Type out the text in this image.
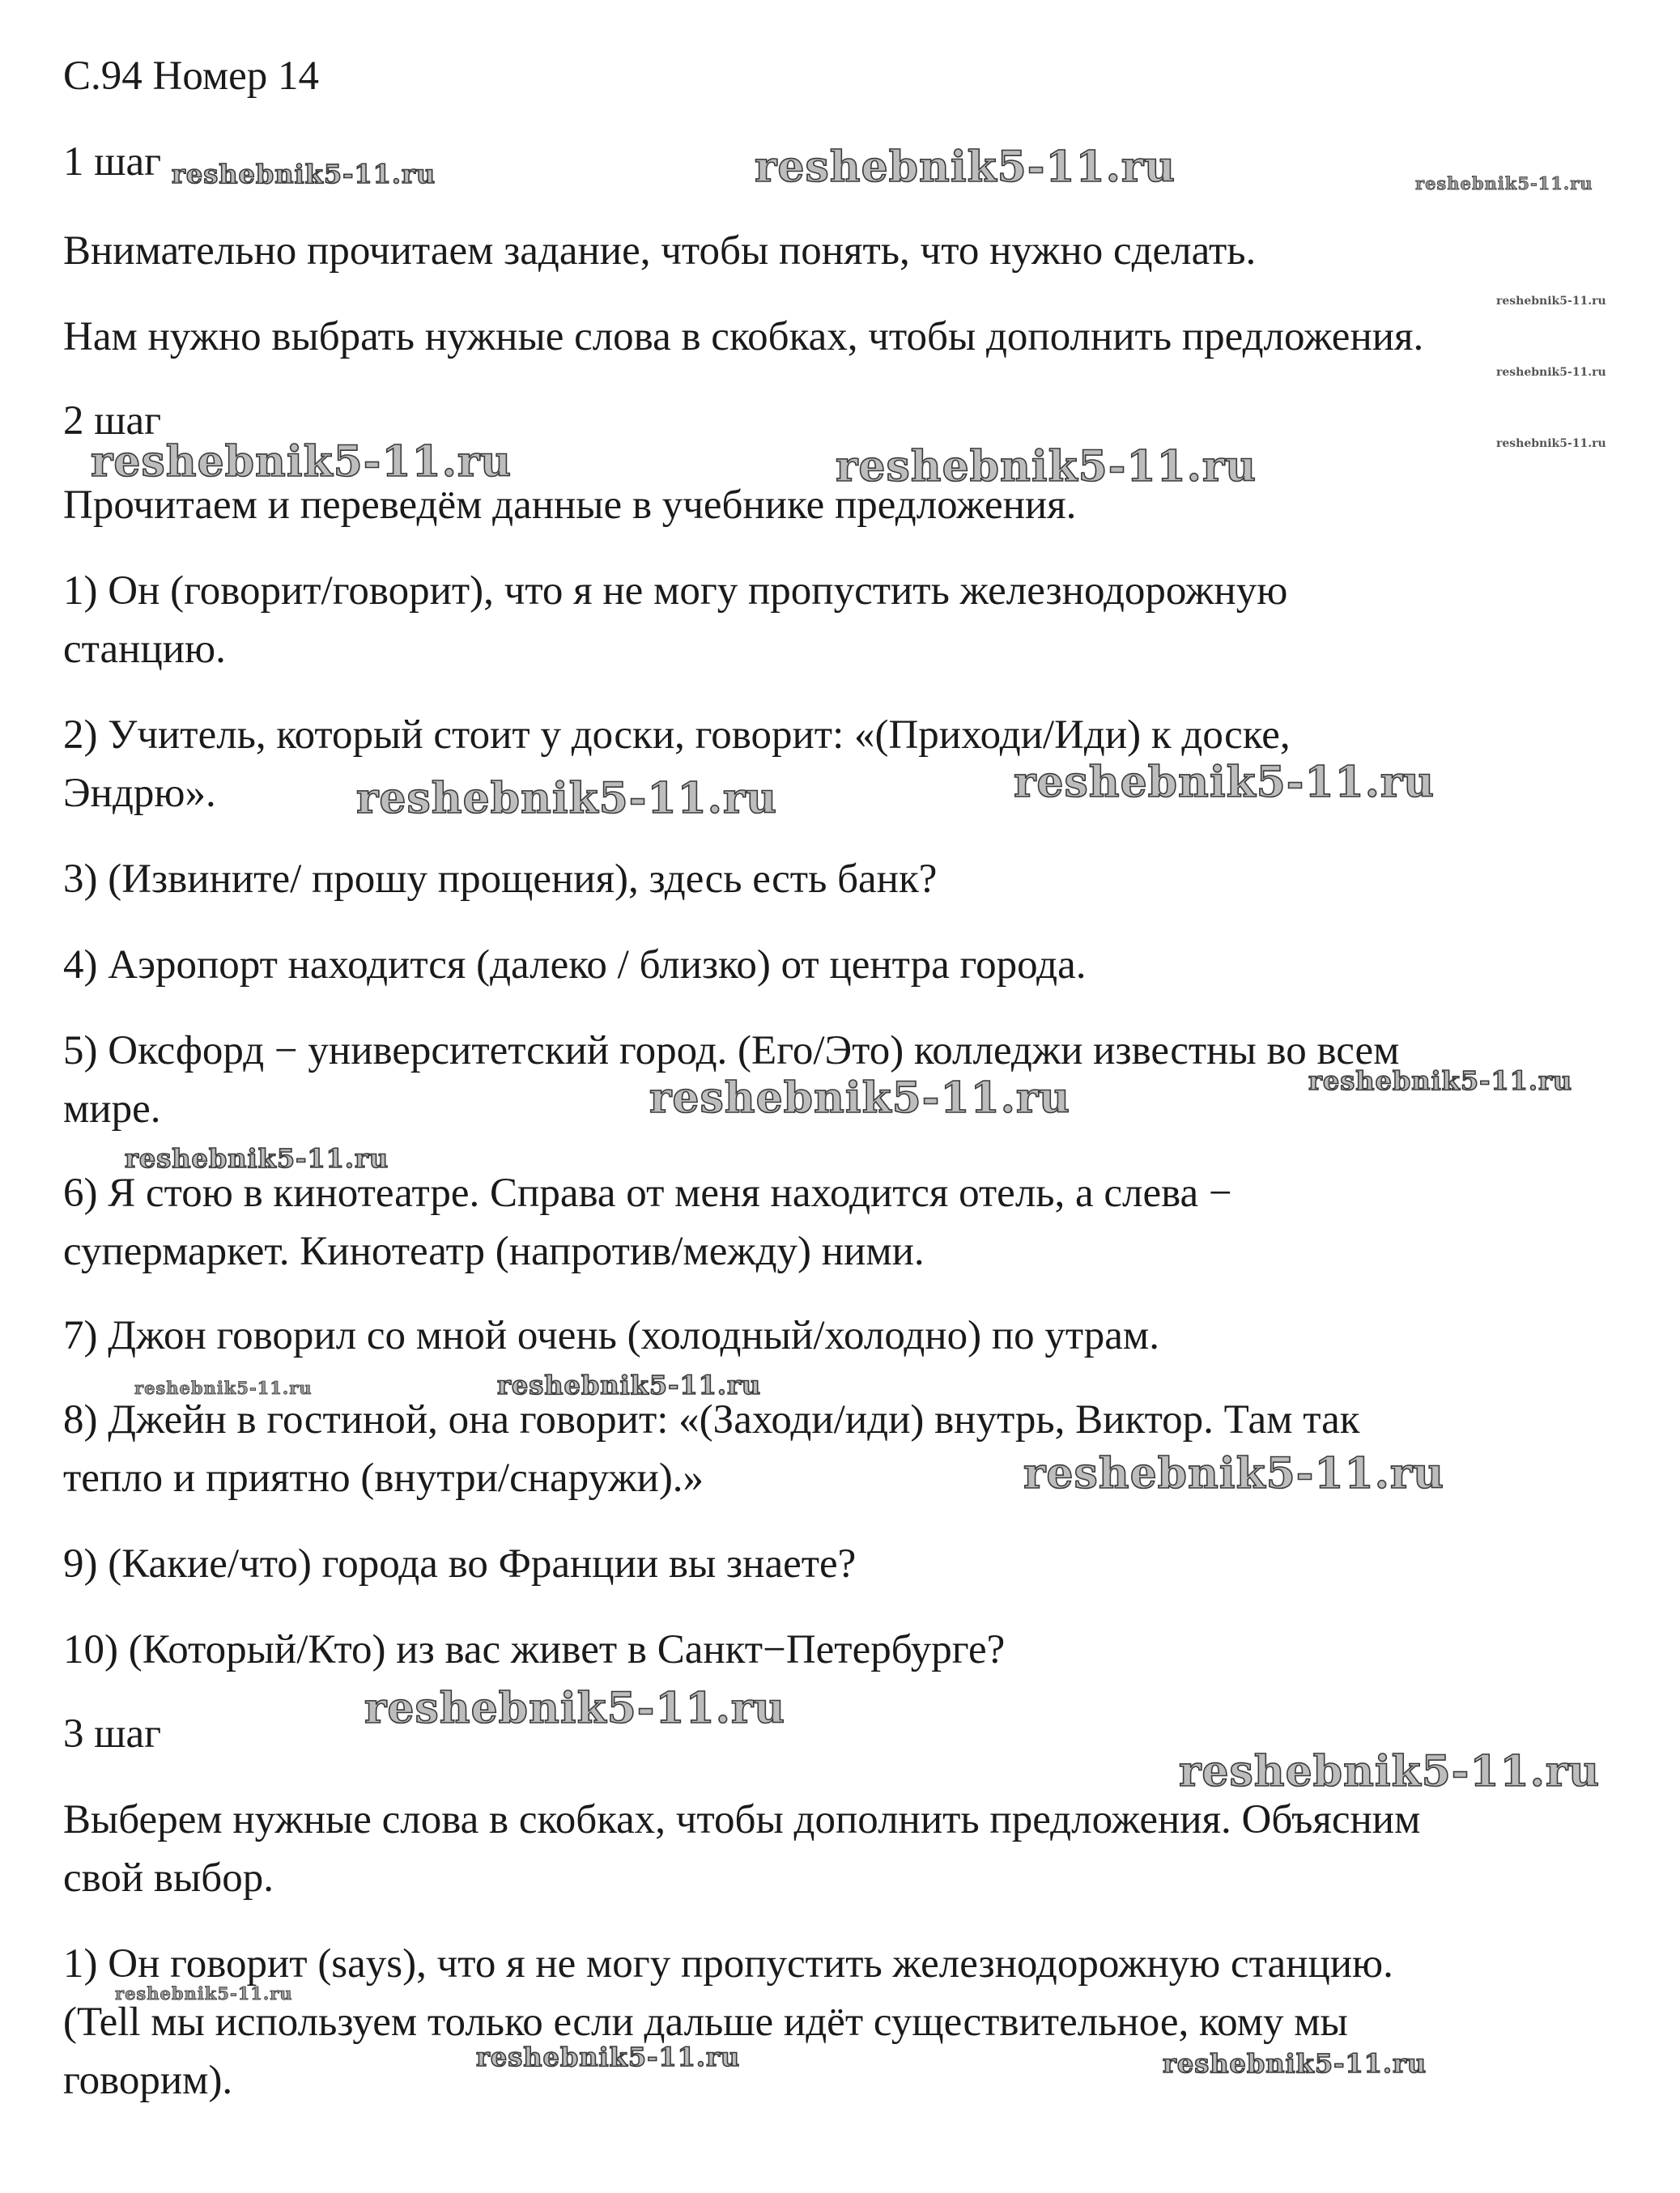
С.94 Номер 14
1 шаг
Внимательно прочитаем задание, чтобы понять, что нужно сделать.
Нам нужно выбрать нужные слова в скобках, чтобы дополнить предложения.
2 шаг
Прочитаем и переведём данные в учебнике предложения.
1) Он (говорит/говорит), что я не могу пропустить железнодорожную
станцию.
2) Учитель, который стоит у доски, говорит: «(Приходи/Иди) к доске,
Эндрю».
3) (Извините/ прошу прощения), здесь есть банк?
4) Аэропорт находится (далеко / близко) от центра города.
5) Оксфорд − университетский город. (Его/Это) колледжи известны во всем
мире.
6) Я стою в кинотеатре. Справа от меня находится отель, а слева −
супермаркет. Кинотеатр (напротив/между) ними.
7) Джон говорил со мной очень (холодный/холодно) по утрам.
8) Джейн в гостиной, она говорит: «(Заходи/иди) внутрь, Виктор. Там так
тепло и приятно (внутри/снаружи).»
9) (Какие/что) города во Франции вы знаете?
10) (Который/Кто) из вас живет в Санкт−Петербурге?
3 шаг
Выберем нужные слова в скобках, чтобы дополнить предложения. Объясним
свой выбор.
1) Он говорит (says), что я не могу пропустить железнодорожную станцию.
(Tell мы используем только если дальше идёт существительное, кому мы
говорим).
reshebnik5-11.ru	reshebnik5-11.ru	reshebnik5-11.ru
reshebnik5-11.ru
reshebnik5-11.ru
reshebnik5-11.ru
reshebnik5-11.ru	reshebnik5-11.ru
reshebnik5-11.ru	reshebnik5-11.ru
reshebnik5-11.ru
reshebnik5-11.ru
reshebnik5-11.ru
reshebnik5-11.ru	reshebnik5-11.ru
reshebnik5-11.ru
reshebnik5-11.ru
reshebnik5-11.ru
reshebnik5-11.ru
reshebnik5-11.ru	reshebnik5-11.ru
